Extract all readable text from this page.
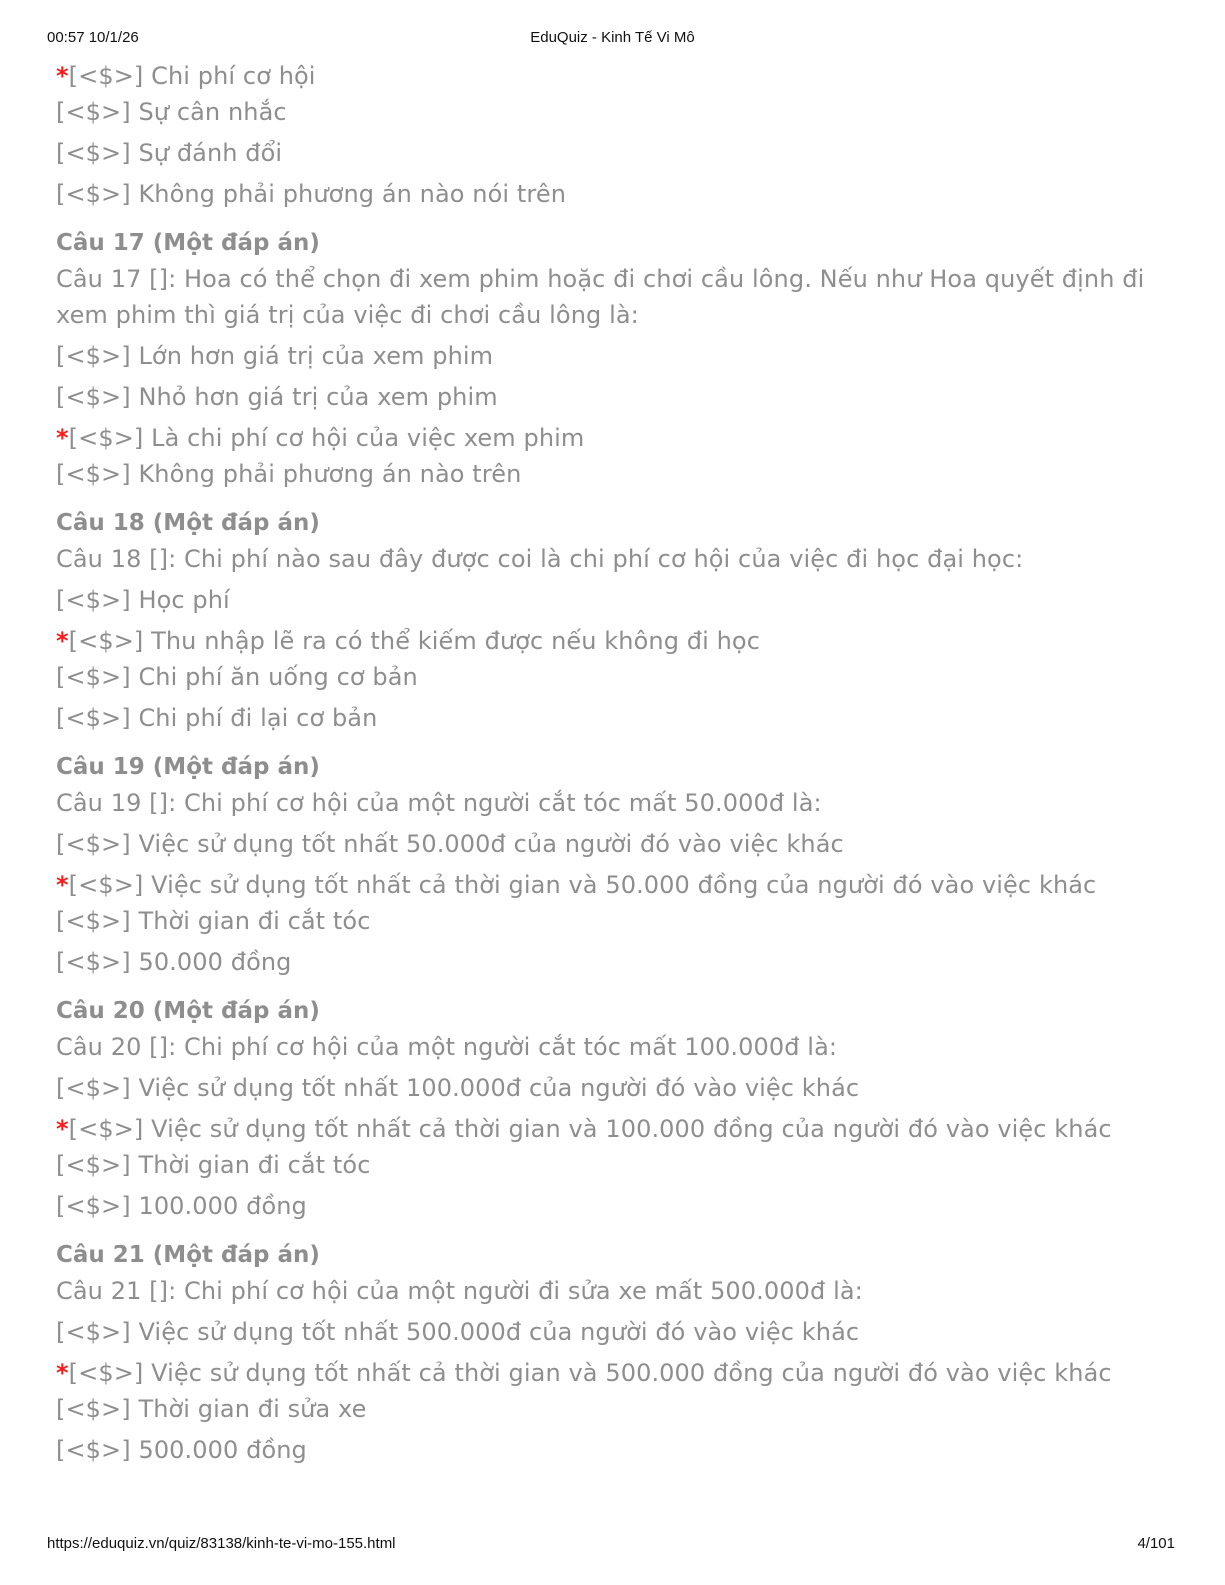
00:57 10/1/26	EduQuiz - Kinh Tế Vi Mô
*[<$>] Chi phí cơ hội
[<$>] Sự cân nhắc
[<$>] Sự đánh đổi
[<$>] Không phải phương án nào nói trên
Câu 17 (Một đáp án)
Câu 17 []: Hoa có thể chọn đi xem phim hoặc đi chơi cầu lông. Nếu như Hoa quyết định đi xem phim thì giá trị của việc đi chơi cầu lông là:
[<$>] Lớn hơn giá trị của xem phim
[<$>] Nhỏ hơn giá trị của xem phim
*[<$>] Là chi phí cơ hội của việc xem phim
[<$>] Không phải phương án nào trên
Câu 18 (Một đáp án)
Câu 18 []: Chi phí nào sau đây được coi là chi phí cơ hội của việc đi học đại học:
[<$>] Học phí
*[<$>] Thu nhập lẽ ra có thể kiếm được nếu không đi học
[<$>] Chi phí ăn uống cơ bản
[<$>] Chi phí đi lại cơ bản
Câu 19 (Một đáp án)
Câu 19 []: Chi phí cơ hội của một người cắt tóc mất 50.000đ là:
[<$>] Việc sử dụng tốt nhất 50.000đ của người đó vào việc khác
*[<$>] Việc sử dụng tốt nhất cả thời gian và 50.000 đồng của người đó vào việc khác
[<$>] Thời gian đi cắt tóc
[<$>] 50.000 đồng
Câu 20 (Một đáp án)
Câu 20 []: Chi phí cơ hội của một người cắt tóc mất 100.000đ là:
[<$>] Việc sử dụng tốt nhất 100.000đ của người đó vào việc khác
*[<$>] Việc sử dụng tốt nhất cả thời gian và 100.000 đồng của người đó vào việc khác
[<$>] Thời gian đi cắt tóc
[<$>] 100.000 đồng
Câu 21 (Một đáp án)
Câu 21 []: Chi phí cơ hội của một người đi sửa xe mất 500.000đ là:
[<$>] Việc sử dụng tốt nhất 500.000đ của người đó vào việc khác
*[<$>] Việc sử dụng tốt nhất cả thời gian và 500.000 đồng của người đó vào việc khác
[<$>] Thời gian đi sửa xe
[<$>] 500.000 đồng
https://eduquiz.vn/quiz/83138/kinh-te-vi-mo-155.html	4/101
